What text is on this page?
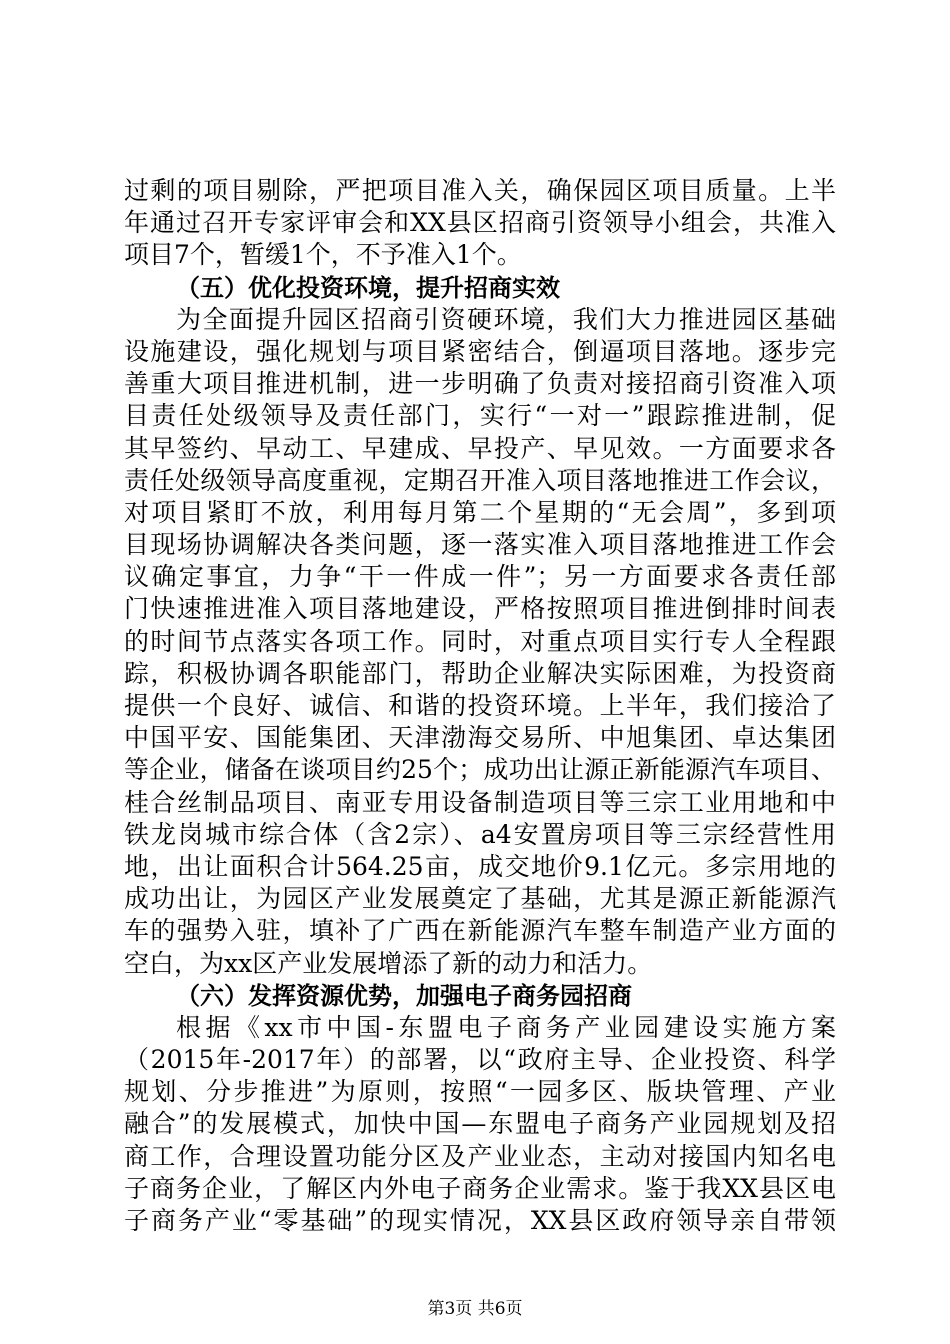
过剩的项目剔除，严把项目准入关，确保园区项目质量。上半
年通过召开专家评审会和XX县区招商引资领导小组会，共准入
项目7个，暂缓1个，不予准入1个。
（五）优化投资环境，提升招商实效
为全面提升园区招商引资硬环境，我们大力推进园区基础
设施建设，强化规划与项目紧密结合，倒逼项目落地。逐步完
善重大项目推进机制，进一步明确了负责对接招商引资准入项
目责任处级领导及责任部门，实行“一对一”跟踪推进制，促
其早签约、早动工、早建成、早投产、早见效。一方面要求各
责任处级领导高度重视，定期召开准入项目落地推进工作会议，
对项目紧盯不放，利用每月第二个星期的“无会周”，多到项
目现场协调解决各类问题，逐一落实准入项目落地推进工作会
议确定事宜，力争“干一件成一件”；另一方面要求各责任部
门快速推进准入项目落地建设，严格按照项目推进倒排时间表
的时间节点落实各项工作。同时，对重点项目实行专人全程跟
踪，积极协调各职能部门，帮助企业解决实际困难，为投资商
提供一个良好、诚信、和谐的投资环境。上半年，我们接洽了
中国平安、国能集团、天津渤海交易所、中旭集团、卓达集团
等企业，储备在谈项目约25个；成功出让源正新能源汽车项目、
桂合丝制品项目、南亚专用设备制造项目等三宗工业用地和中
铁龙岗城市综合体（含2宗）、a4安置房项目等三宗经营性用
地，出让面积合计564.25亩，成交地价9.1亿元。多宗用地的
成功出让，为园区产业发展奠定了基础，尤其是源正新能源汽
车的强势入驻，填补了广西在新能源汽车整车制造产业方面的
空白，为xx区产业发展增添了新的动力和活力。
（六）发挥资源优势，加强电子商务园招商
根据《xx市中国-东盟电子商务产业园建设实施方案
（2015年-2017年）的部署，以“政府主导、企业投资、科学
规划、分步推进”为原则，按照“一园多区、版块管理、产业
融合”的发展模式，加快中国—东盟电子商务产业园规划及招
商工作，合理设置功能分区及产业业态，主动对接国内知名电
子商务企业，了解区内外电子商务企业需求。鉴于我XX县区电
子商务产业“零基础”的现实情况，XX县区政府领导亲自带领
第3页 共6页
